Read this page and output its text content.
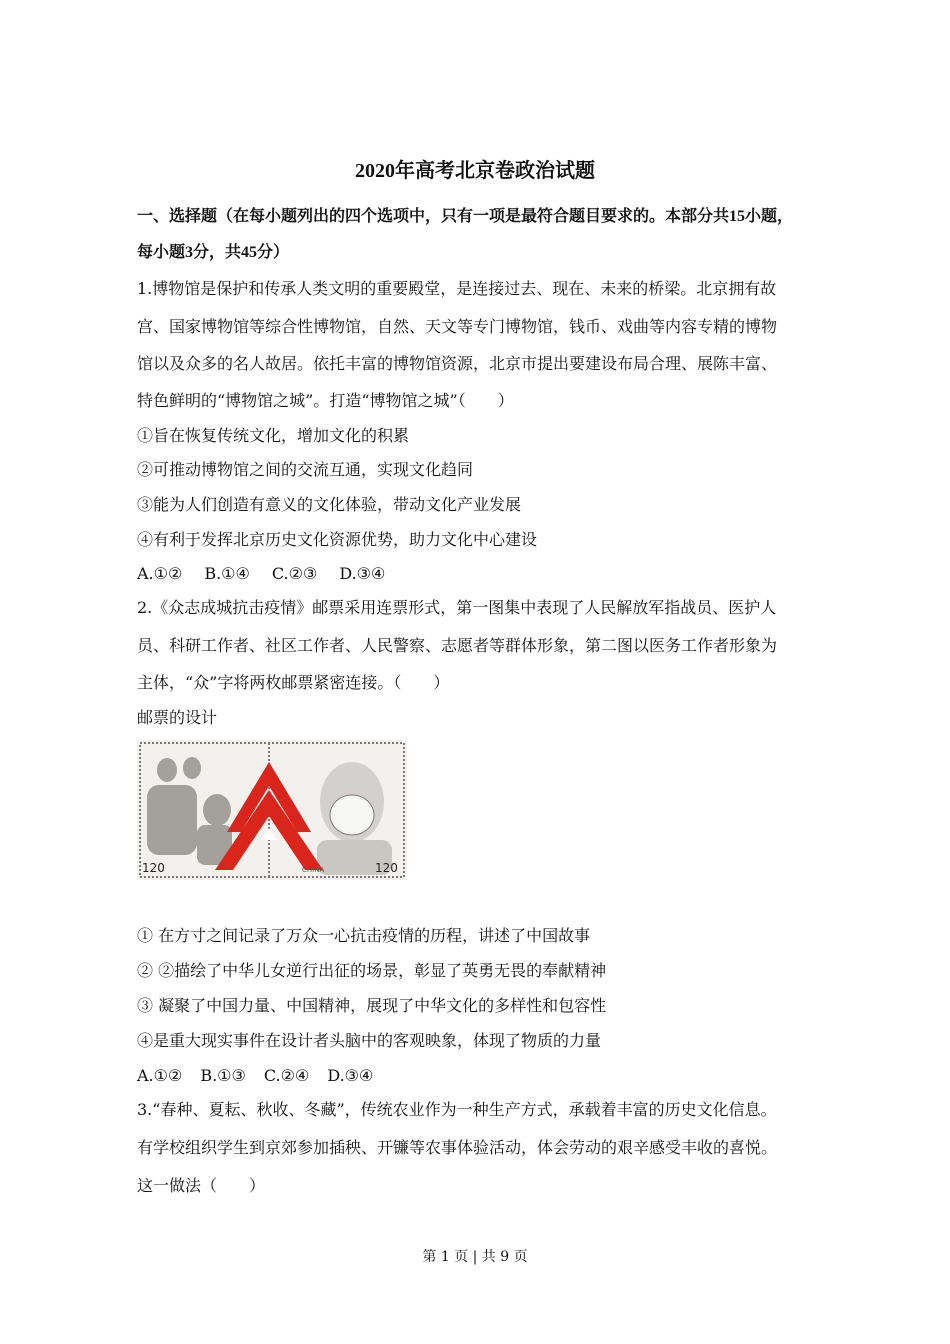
2020年高考北京卷政治试题
一、选择题（在每小题列出的四个选项中，只有一项是最符合题目要求的。本部分共15小题，
每小题3分，共45分）
1.博物馆是保护和传承人类文明的重要殿堂，是连接过去、现在、未来的桥梁。北京拥有故
宫、国家博物馆等综合性博物馆，自然、天文等专门博物馆，钱币、戏曲等内容专精的博物
馆以及众多的名人故居。依托丰富的博物馆资源，北京市提出要建设布局合理、展陈丰富、
特色鲜明的“博物馆之城”。打造“博物馆之城”（　　）
①旨在恢复传统文化，增加文化的积累
②可推动博物馆之间的交流互通，实现文化趋同
③能为人们创造有意义的文化体验，带动文化产业发展
④有利于发挥北京历史文化资源优势，助力文化中心建设
A.①② B.①④ C.②③ D.③④
2.《众志成城抗击疫情》邮票采用连票形式，第一图集中表现了人民解放军指战员、医护人
员、科研工作者、社区工作者、人民警察、志愿者等群体形象，第二图以医务工作者形象为
主体，“众”字将两枚邮票紧密连接。（　　）
邮票的设计
120	CHINA	120
① 在方寸之间记录了万众一心抗击疫情的历程，讲述了中国故事
② ②描绘了中华儿女逆行出征的场景，彰显了英勇无畏的奉献精神
③ 凝聚了中国力量、中国精神，展现了中华文化的多样性和包容性
④是重大现实事件在设计者头脑中的客观映象，体现了物质的力量
A.①② B.①③ C.②④ D.③④
3.“春种、夏耘、秋收、冬藏”，传统农业作为一种生产方式，承载着丰富的历史文化信息。
有学校组织学生到京郊参加插秧、开镰等农事体验活动，体会劳动的艰辛感受丰收的喜悦。
这一做法（　　）
第 1 页 | 共 9 页
